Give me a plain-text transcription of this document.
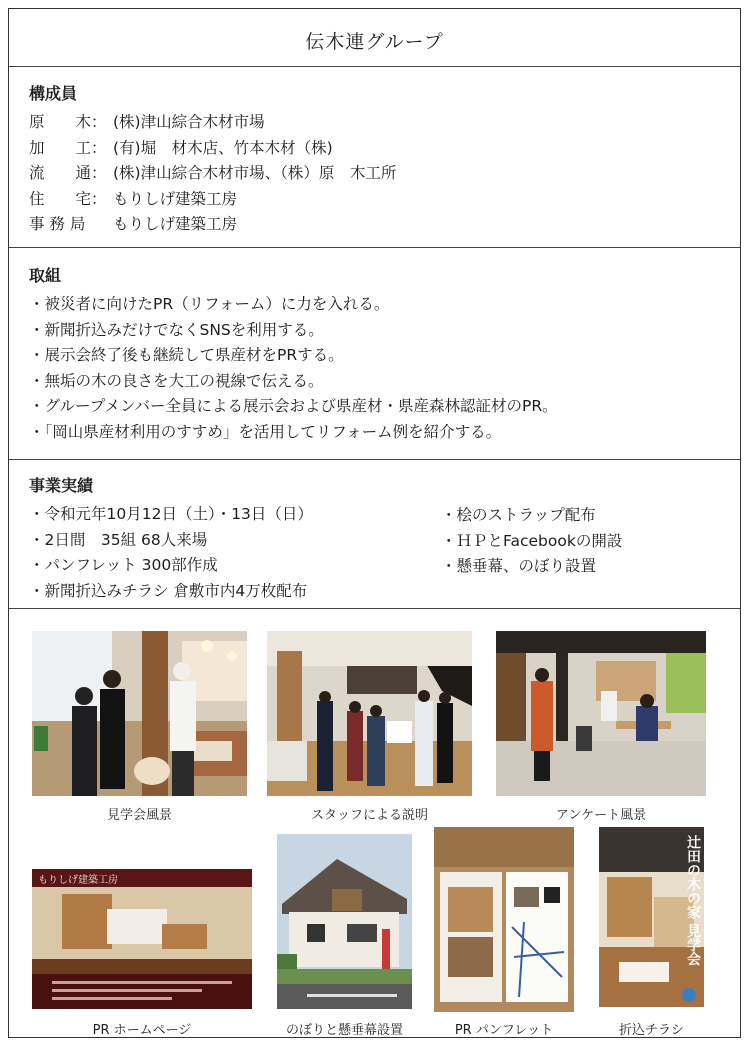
伝木連グループ
構成員
原　　木： (株)津山綜合木材市場
加　　工： (有)堀　材木店、竹本木材（株)
流　　通： (株)津山綜合木材市場、（株）原　木工所
住　　宅： もりしげ建築工房
事 務 局 もりしげ建築工房
取組
・被災者に向けたPR（リフォーム）に力を入れる。
・新聞折込みだけでなくSNSを利用する。
・展示会終了後も継続して県産材をPRする。
・無垢の木の良さを大工の視線で伝える。
・グループメンバー全員による展示会および県産材・県産森林認証材のPR。
・「岡山県産材利用のすすめ」を活用してリフォーム例を紹介する。
事業実績
・令和元年10月12日（土）・13日（日）
・2日間　35組 68人来場
・パンフレット 300部作成
・新聞折込みチラシ 倉敷市内4万枚配布
・桧のストラップ配布
・ＨＰとFacebookの開設
・懸垂幕、のぼり設置
見学会風景	スタッフによる説明	アンケート風景
もりしげ建築工房
PR ホームページ	のぼりと懸垂幕設置	PR パンフレット
辻田の木の家 見学会
折込チラシ
